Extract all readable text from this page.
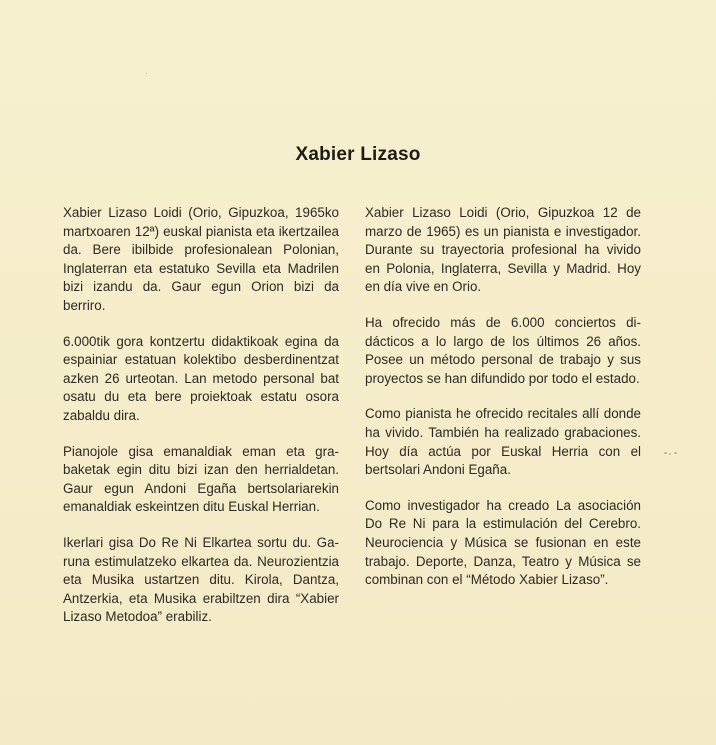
Xabier Lizaso

Xabier Lizaso Loidi (Orio, Gipuzkoa, 1965ko martxoaren 12ª) euskal pianista eta ikertzailea da. Bere ibilbide profesionalean Polonian, Inglaterran eta estatuko Sevilla eta Madrilen bizi izandu da. Gaur egun Orion bizi da berriro.

6.000tik gora kontzertu didaktikoak egina da espainiar estatuan kolektibo desberdinentzat azken 26 urteotan. Lan metodo personal bat osatu du eta bere proiektoak estatu osora zabaldu dira.

Pianojole gisa emanaldiak eman eta grabaketak egin ditu bizi izan den herrialdetan. Gaur egun Andoni Egaña bertsolariarekin emanaldiak eskeintzen ditu Euskal Herrian.

Ikerlari gisa Do Re Ni Elkartea sortu du. Garuna estimulatzeko elkartea da. Neurozientzia eta Musika ustartzen ditu. Kirola, Dantza, Antzerkia, eta Musika erabiltzen dira “Xabier Lizaso Metodoa” erabiliz.

Xabier Lizaso Loidi (Orio, Gipuzkoa 12 de marzo de 1965) es un pianista e investigador. Durante su trayectoria profesional ha vivido en Polonia, Inglaterra, Sevilla y Madrid. Hoy en día vive en Orio.

Ha ofrecido más de 6.000 conciertos didácticos a lo largo de los últimos 26 años. Posee un método personal de trabajo y sus proyectos se han difundido por todo el estado.

Como pianista he ofrecido recitales allí donde ha vivido. También ha realizado grabaciones. Hoy día actúa por Euskal Herria con el bertsolari Andoni Egaña.

Como investigador ha creado La asociación Do Re Ni para la estimulación del Cerebro. Neurociencia y Música se fusionan en este trabajo. Deporte, Danza, Teatro y Música se combinan con el “Método Xabier Lizaso”.
